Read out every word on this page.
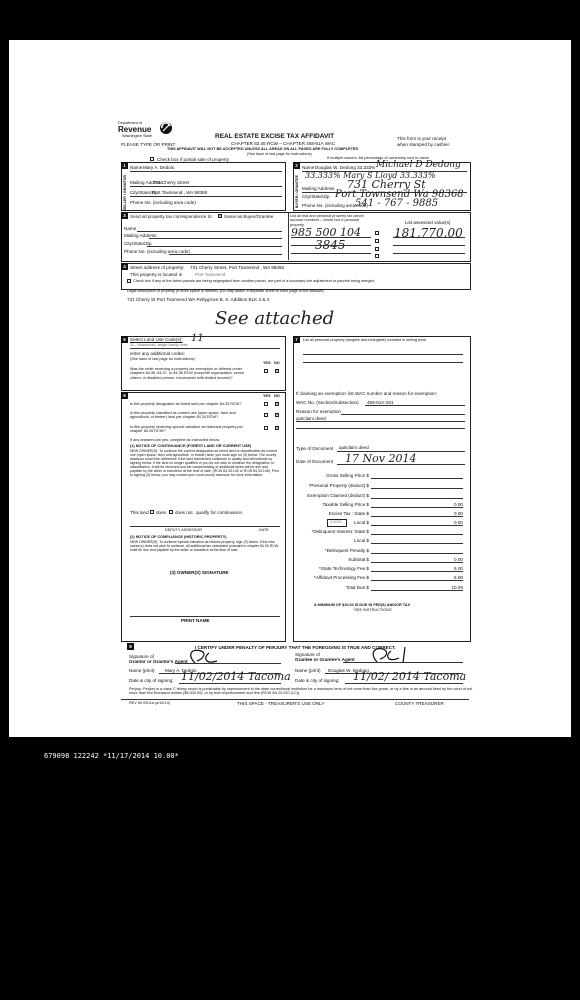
Department of
Revenue
Washington State	REAL ESTATE EXCISE TAX AFFIDAVIT
CHAPTER 82.45 RCW – CHAPTER 458-61A WAC
THIS AFFIDAVIT WILL NOT BE ACCEPTED UNLESS ALL AREAS ON ALL PAGES ARE FULLY COMPLETED
(See back of last page for instructions)
PLEASE TYPE OR PRINT
This form is your receipt
when stamped by cashier.
Check box if partial sale of property	If multiple owners, list percentage of ownership next to name.
1
SELLER / GRANTOR
Name Mary A. Dedolo
Mailing Address
731 Cherry Street
City/State/Zip
Port Townsend , WA 98368
Phone No. (including area code)
2
BUYER / GRANTEE
Name Douglas W. Dedong 33.333% Michael D Dedong
33.333% Mary S Lloyd 33.333%
Mailing Address 731 Cherry St
City/State/Zip Port Townsend Wa 98368
Phone No. (including area code)
541 - 767 - 9885
3 Send all property tax correspondence to:
✓ Same as Buyer/Grantee
Name
Mailing Address
City/State/Zip
Phone No. (including area code)
List all real and personal property tax parcel account numbers – check box if personal property	List assessed value(s)
985 500 104
3845
181,770.00
4 Street address of property: 731 Cherry Street, Port Townsend , WA 98368
This property is located in	Port Townsend
Check box if any of the listed parcels are being segregated from another parcel, are part of a boundary line adjustment or parcels being merged.
Legal description of property (if more space is needed, you may attach a separate sheet to each page of the affidavit)
731 Cherry St Port Townsend WA Pettygrove B. S. Addition BLK 3 & 4
See attached
5 Select Land Use Code(s): 11
11 - Household, single family units
enter any additional codes:
(See back of last page for instructions)
YES NO
Was the seller receiving a property tax exemption or deferral under chapters 84.36, 84.37, or 84.38 RCW (nonprofit organization, senior citizen, or disabled person, homeowner with limited income)?
✓
6	YES NO
Is this property designated as forest land per chapter 84.33 RCW?
✓
Is this property classified as current use (open space, farm and agricultural, or timber) land per chapter 84.34 RCW?
✓
Is this property receiving special valuation as historical property per chapter 84.26 RCW?
✓
If any answers are yes, complete as instructed below.
(1) NOTICE OF CONTINUANCE (FOREST LAND OR CURRENT USE)
NEW OWNER(S): To continue the current designation as forest land or classification as current use (open space, farm and agriculture, or timber) land, you must sign on (3) below. The county assessor must then determine if the land transferred continues to qualify and will indicate by signing below. If the land no longer qualifies or you do not wish to continue the designation or classification, it will be removed and the compensating or additional taxes will be due and payable by the seller or transferor at the time of sale. (RCW 84.33.140 or RCW 84.34.108). Prior to signing (3) below, you may contact your local county assessor for more information.
This land does does not qualify for continuance.
DEPUTY ASSESSOR	DATE
(2) NOTICE OF COMPLIANCE (HISTORIC PROPERTY)
NEW OWNER(S): To continue special valuation as historic property, sign (3) below. If the new owner(s) does not wish to continue, all additional tax calculated pursuant to chapter 84.26 RCW, shall be due and payable by the seller or transferor at the time of sale.
(3) OWNER(S) SIGNATURE
PRINT NAME
7	List all personal property (tangible and intangible) included in selling price.
If claiming an exemption: list WAC number and reason for exemption:
WAC No. (Section/Subsection) 458-61A-201
Reason for exemption
quitclaim deed
Type of Document quitclaim deed
Date of Document 17 Nov 2014
Gross Selling Price $
*Personal Property (deduct) $
Exemption Claimed (deduct) $
Taxable Selling Price $	0.00
Excise Tax : State $	0.00
0.0025	Local $	0.00
*Delinquent Interest: State $
Local $
*Delinquent Penalty $
Subtotal $	0.00
*State Technology Fee $	5.00
*Affidavit Processing Fee $	5.00
Total Due $	10.00
A MINIMUM OF $10.00 IS DUE IN FEE(S) AND/OR TAX
*SEE INSTRUCTIONS
8	I CERTIFY UNDER PENALTY OF PERJURY THAT THE FOREGOING IS TRUE AND CORRECT.
Signature of
Grantor or Grantor's Agent
Signature of
Grantee or Grantee's Agent
Name (print) Mary A. Dedolo	Name (print) Douglas W. Dedong
Date & city of signing: 11/02/2014 Tacoma Date & city of signing: 11/02/ 2014 Tacoma
Perjury: Perjury is a class C felony which is punishable by imprisonment in the state correctional institution for a maximum term of not more than five years, or by a fine in an amount fixed by the court of not more than five thousand dollars ($5,000.00), or by both imprisonment and fine (RCW 9A.20.020 (1C)).
REV 84 0001a (a/10/14)	THIS SPACE - TREASURER'S USE ONLY	COUNTY TREASURER
679098 122242 *11/17/2014 10.00*
